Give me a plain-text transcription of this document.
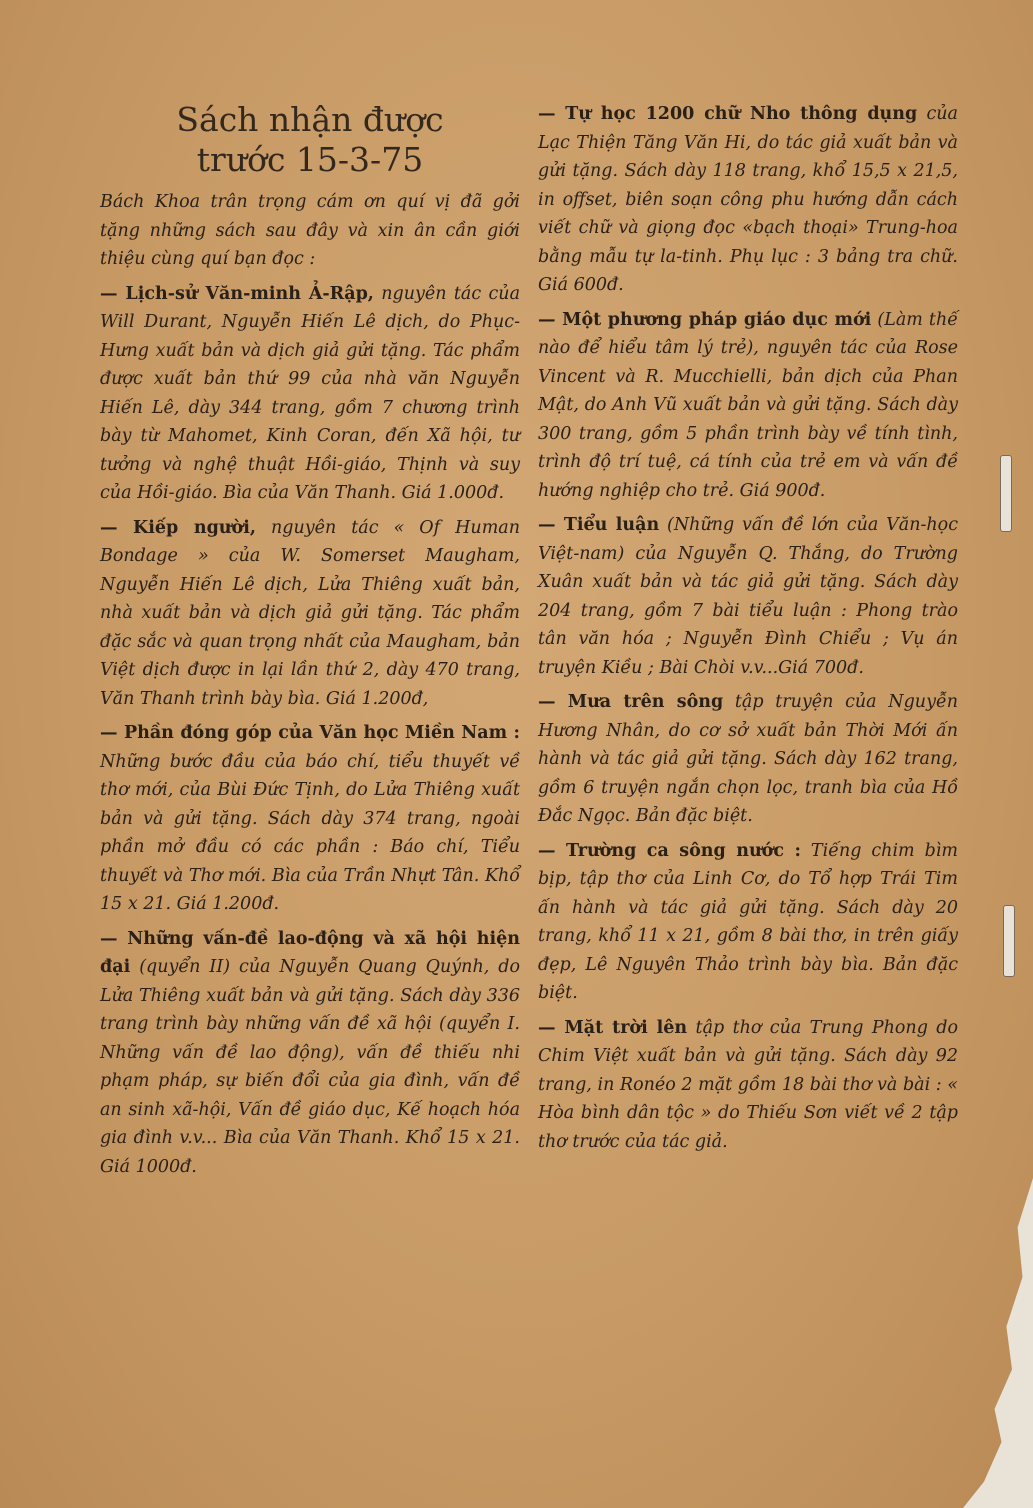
Sách nhận được
trước 15-3-75

Bách Khoa trân trọng cám ơn quí vị đã gởi tặng những sách sau đây và xin ân cần giới thiệu cùng quí bạn đọc :

— Lịch-sử Văn-minh Ả-Rập, nguyên tác của Will Durant, Nguyễn Hiến Lê dịch, do Phục-Hưng xuất bản và dịch giả gửi tặng. Tác phẩm được xuất bản thứ 99 của nhà văn Nguyễn Hiến Lê, dày 344 trang, gồm 7 chương trình bày từ Mahomet, Kinh Coran, đến Xã hội, tư tưởng và nghệ thuật Hồi-giáo, Thịnh và suy của Hồi-giáo. Bìa của Văn Thanh. Giá 1.000đ.

— Kiếp người, nguyên tác « Of Human Bondage » của W. Somerset Maugham, Nguyễn Hiến Lê dịch, Lửa Thiêng xuất bản, nhà xuất bản và dịch giả gửi tặng. Tác phẩm đặc sắc và quan trọng nhất của Maugham, bản Việt dịch được in lại lần thứ 2, dày 470 trang, Văn Thanh trình bày bìa. Giá 1.200đ,

— Phần đóng góp của Văn học Miền Nam : Những bước đầu của báo chí, tiểu thuyết về thơ mới, của Bùi Đức Tịnh, do Lửa Thiêng xuất bản và gửi tặng. Sách dày 374 trang, ngoài phần mở đầu có các phần : Báo chí, Tiểu thuyết và Thơ mới. Bìa của Trần Nhựt Tân. Khổ 15 x 21. Giá 1.200đ.

— Những vấn-đề lao-động và xã hội hiện đại (quyển II) của Nguyễn Quang Quýnh, do Lửa Thiêng xuất bản và gửi tặng. Sách dày 336 trang trình bày những vấn đề xã hội (quyển I. Những vấn đề lao động), vấn đề thiếu nhi phạm pháp, sự biến đổi của gia đình, vấn đề an sinh xã-hội, Vấn đề giáo dục, Kế hoạch hóa gia đình v.v... Bìa của Văn Thanh. Khổ 15 x 21. Giá 1000đ.

— Tự học 1200 chữ Nho thông dụng của Lạc Thiện Tăng Văn Hi, do tác giả xuất bản và gửi tặng. Sách dày 118 trang, khổ 15,5 x 21,5, in offset, biên soạn công phu hướng dẫn cách viết chữ và giọng đọc «bạch thoại» Trung-hoa bằng mẫu tự la-tinh. Phụ lục : 3 bảng tra chữ. Giá 600đ.

— Một phương pháp giáo dục mới (Làm thế nào để hiểu tâm lý trẻ), nguyên tác của Rose Vincent và R. Mucchielli, bản dịch của Phan Mật, do Anh Vũ xuất bản và gửi tặng. Sách dày 300 trang, gồm 5 phần trình bày về tính tình, trình độ trí tuệ, cá tính của trẻ em và vấn đề hướng nghiệp cho trẻ. Giá 900đ.

— Tiểu luận (Những vấn đề lớn của Văn-học Việt-nam) của Nguyễn Q. Thắng, do Trường Xuân xuất bản và tác giả gửi tặng. Sách dày 204 trang, gồm 7 bài tiểu luận : Phong trào tân văn hóa ; Nguyễn Đình Chiểu ; Vụ án truyện Kiều ; Bài Chòi v.v...Giá 700đ.

— Mưa trên sông tập truyện của Nguyễn Hương Nhân, do cơ sở xuất bản Thời Mới ấn hành và tác giả gửi tặng. Sách dày 162 trang, gồm 6 truyện ngắn chọn lọc, tranh bìa của Hồ Đắc Ngọc. Bản đặc biệt.

— Trường ca sông nước : Tiếng chim bìm bịp, tập thơ của Linh Cơ, do Tổ hợp Trái Tim ấn hành và tác giả gửi tặng. Sách dày 20 trang, khổ 11 x 21, gồm 8 bài thơ, in trên giấy đẹp, Lê Nguyên Thảo trình bày bìa. Bản đặc biệt.

— Mặt trời lên tập thơ của Trung Phong do Chim Việt xuất bản và gửi tặng. Sách dày 92 trang, in Ronéo 2 mặt gồm 18 bài thơ và bài : « Hòa bình dân tộc » do Thiếu Sơn viết về 2 tập thơ trước của tác giả.
